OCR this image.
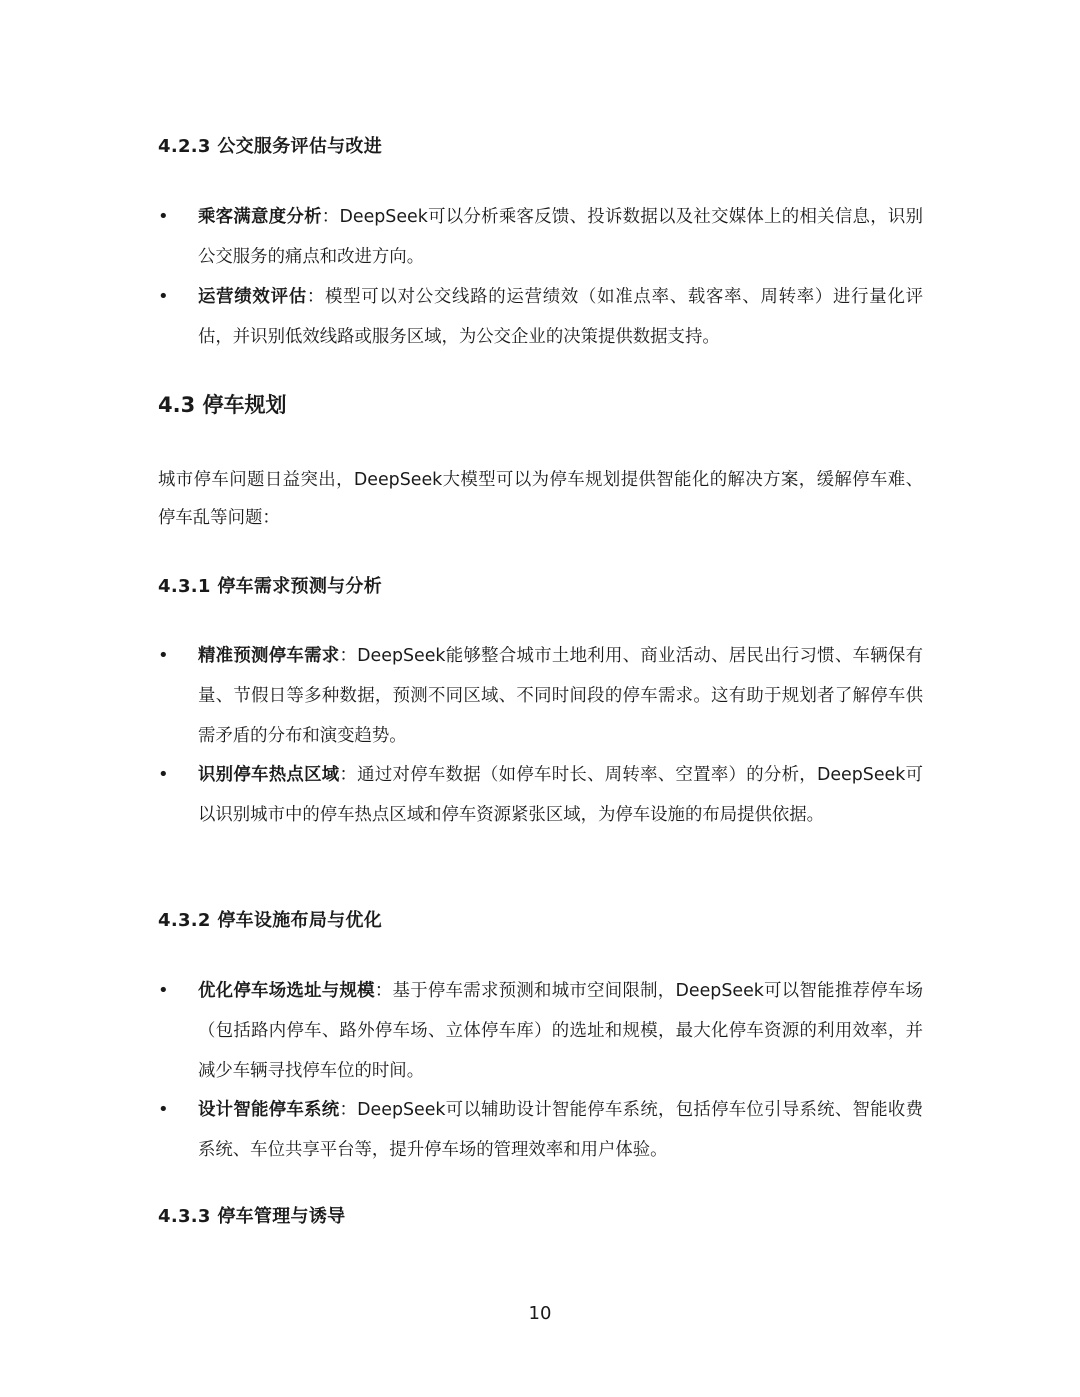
4.2.3 公交服务评估与改进
• 乘客满意度分析：DeepSeek可以分析乘客反馈、投诉数据以及社交媒体上的相关信息，识别公交服务的痛点和改进方向。
• 运营绩效评估：模型可以对公交线路的运营绩效（如准点率、载客率、周转率）进行量化评估，并识别低效线路或服务区域，为公交企业的决策提供数据支持。
4.3 停车规划
城市停车问题日益突出，DeepSeek大模型可以为停车规划提供智能化的解决方案，缓解停车难、停车乱等问题：
4.3.1 停车需求预测与分析
• 精准预测停车需求：DeepSeek能够整合城市土地利用、商业活动、居民出行习惯、车辆保有量、节假日等多种数据，预测不同区域、不同时间段的停车需求。这有助于规划者了解停车供需矛盾的分布和演变趋势。
• 识别停车热点区域：通过对停车数据（如停车时长、周转率、空置率）的分析，DeepSeek可以识别城市中的停车热点区域和停车资源紧张区域，为停车设施的布局提供依据。
4.3.2 停车设施布局与优化
• 优化停车场选址与规模：基于停车需求预测和城市空间限制，DeepSeek可以智能推荐停车场（包括路内停车、路外停车场、立体停车库）的选址和规模，最大化停车资源的利用效率，并减少车辆寻找停车位的时间。
• 设计智能停车系统：DeepSeek可以辅助设计智能停车系统，包括停车位引导系统、智能收费系统、车位共享平台等，提升停车场的管理效率和用户体验。
4.3.3 停车管理与诱导
10
